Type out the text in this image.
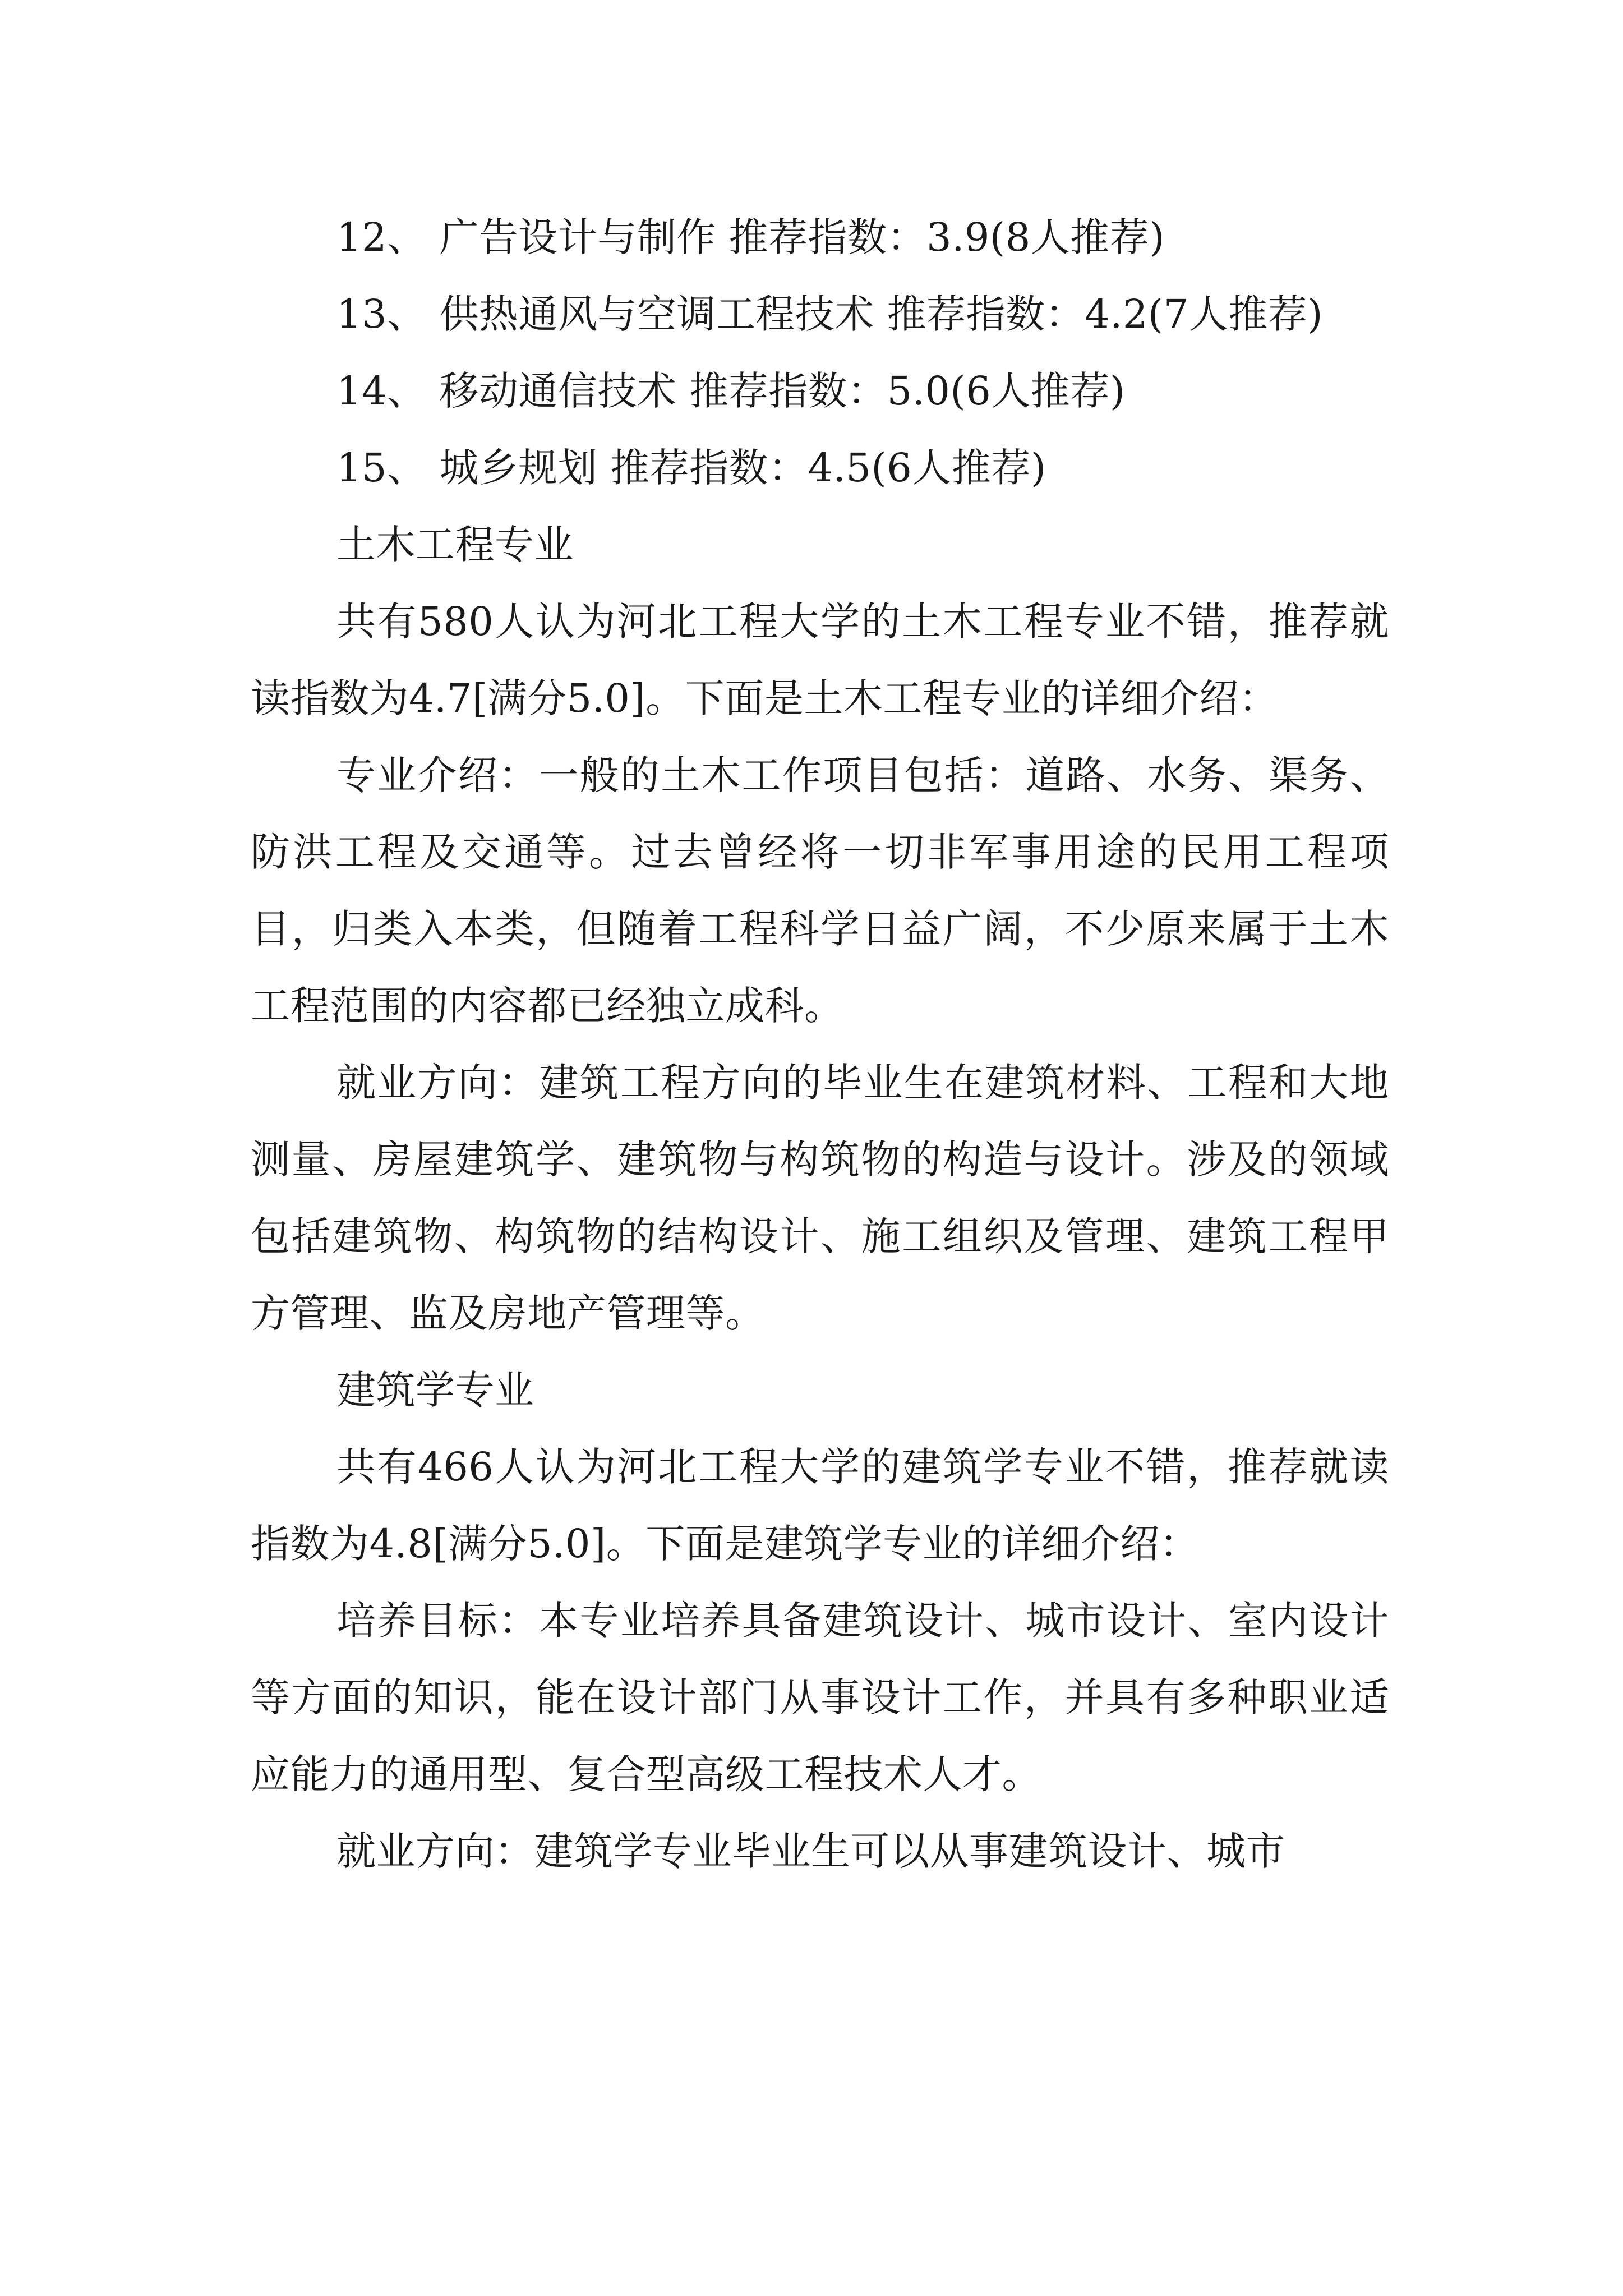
12、 广告设计与制作 推荐指数：3.9(8人推荐)

13、 供热通风与空调工程技术 推荐指数：4.2(7人推荐)

14、 移动通信技术 推荐指数：5.0(6人推荐)

15、 城乡规划 推荐指数：4.5(6人推荐)

土木工程专业

共有580人认为河北工程大学的土木工程专业不错，推荐就读指数为4.7[满分5.0]。下面是土木工程专业的详细介绍：

专业介绍：一般的土木工作项目包括：道路、水务、渠务、防洪工程及交通等。过去曾经将一切非军事用途的民用工程项目，归类入本类，但随着工程科学日益广阔，不少原来属于土木工程范围的内容都已经独立成科。

就业方向：建筑工程方向的毕业生在建筑材料、工程和大地测量、房屋建筑学、建筑物与构筑物的构造与设计。涉及的领域包括建筑物、构筑物的结构设计、施工组织及管理、建筑工程甲方管理、监及房地产管理等。

建筑学专业

共有466人认为河北工程大学的建筑学专业不错，推荐就读指数为4.8[满分5.0]。下面是建筑学专业的详细介绍：

培养目标：本专业培养具备建筑设计、城市设计、室内设计等方面的知识，能在设计部门从事设计工作，并具有多种职业适应能力的通用型、复合型高级工程技术人才。

就业方向：建筑学专业毕业生可以从事建筑设计、城市
